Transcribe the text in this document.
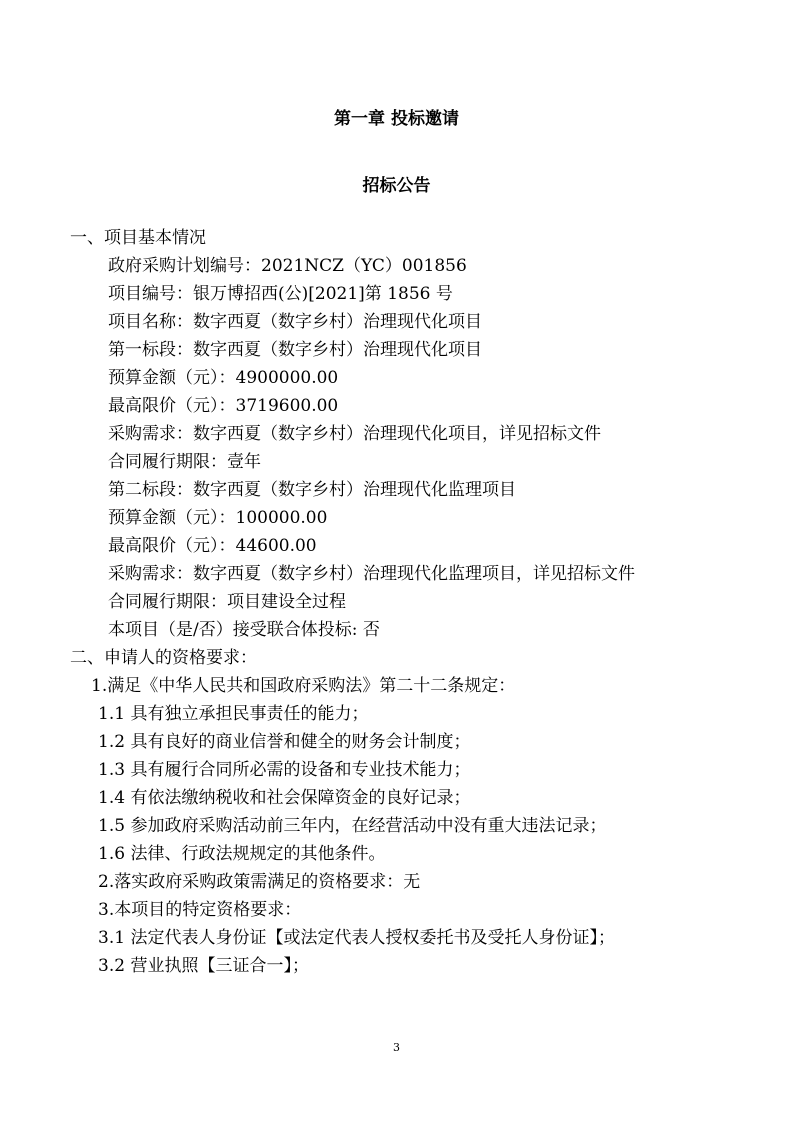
第一章 投标邀请
招标公告

一、项目基本情况

政府采购计划编号：2021NCZ（YC）001856

项目编号：银万博招西(公)[2021]第 1856 号

项目名称：数字西夏（数字乡村）治理现代化项目

第一标段：数字西夏（数字乡村）治理现代化项目

预算金额（元）：4900000.00

最高限价（元）：3719600.00

采购需求：数字西夏（数字乡村）治理现代化项目，详见招标文件

合同履行期限：壹年

第二标段：数字西夏（数字乡村）治理现代化监理项目

预算金额（元）：100000.00

最高限价（元）：44600.00

采购需求：数字西夏（数字乡村）治理现代化监理项目，详见招标文件

合同履行期限：项目建设全过程

本项目（是/否）接受联合体投标: 否

二、申请人的资格要求：

1.满足《中华人民共和国政府采购法》第二十二条规定：

1.1 具有独立承担民事责任的能力；

1.2 具有良好的商业信誉和健全的财务会计制度；

1.3 具有履行合同所必需的设备和专业技术能力；

1.4 有依法缴纳税收和社会保障资金的良好记录；

1.5 参加政府采购活动前三年内，在经营活动中没有重大违法记录；

1.6 法律、行政法规规定的其他条件。

2.落实政府采购政策需满足的资格要求：无

3.本项目的特定资格要求：

3.1 法定代表人身份证【或法定代表人授权委托书及受托人身份证】；

3.2 营业执照【三证合一】；

3
